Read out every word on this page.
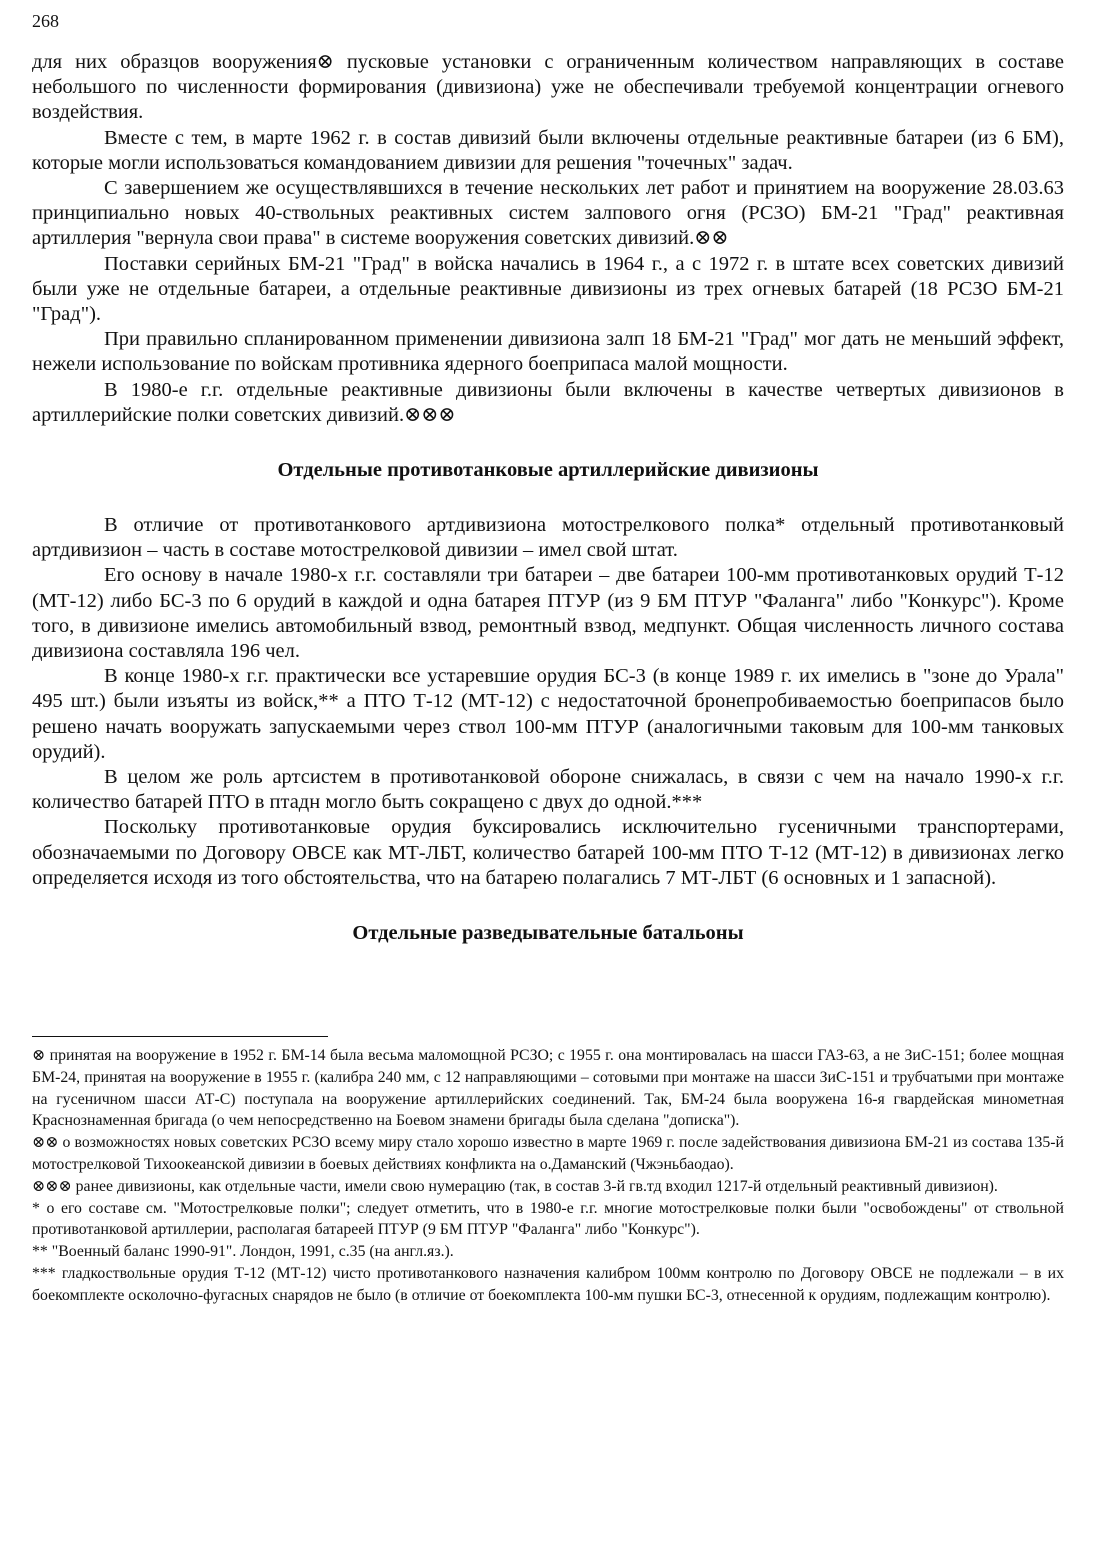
268

для них образцов вооружения⊗ пусковые установки с ограниченным количеством направляющих в составе небольшого по численности формирования (дивизиона) уже не обеспечивали требуемой концентрации огневого воздействия.

Вместе с тем, в марте 1962 г. в состав дивизий были включены отдельные реактивные батареи (из 6 БМ), которые могли использоваться командованием дивизии для решения "точечных" задач.

С завершением же осуществлявшихся в течение нескольких лет работ и принятием на вооружение 28.03.63 принципиально новых 40-ствольных реактивных систем залпового огня (РСЗО) БМ-21 "Град" реактивная артиллерия "вернула свои права" в системе вооружения советских дивизий.⊗⊗

Поставки серийных БМ-21 "Град" в войска начались в 1964 г., а с 1972 г. в штате всех советских дивизий были уже не отдельные батареи, а отдельные реактивные дивизионы из трех огневых батарей (18 РСЗО БМ-21 "Град").

При правильно спланированном применении дивизиона залп 18 БМ-21 "Град" мог дать не меньший эффект, нежели использование по войскам противника ядерного боеприпаса малой мощности.

В 1980-е г.г. отдельные реактивные дивизионы были включены в качестве четвертых дивизионов в артиллерийские полки советских дивизий.⊗⊗⊗

Отдельные противотанковые артиллерийские дивизионы

В отличие от противотанкового артдивизиона мотострелкового полка* отдельный противотанковый артдивизион – часть в составе мотострелковой дивизии – имел свой штат.

Его основу в начале 1980-х г.г. составляли три батареи – две батареи 100-мм противотанковых орудий Т-12 (МТ-12) либо БС-3 по 6 орудий в каждой и одна батарея ПТУР (из 9 БМ ПТУР "Фаланга" либо "Конкурс"). Кроме того, в дивизионе имелись автомобильный взвод, ремонтный взвод, медпункт. Общая численность личного состава дивизиона составляла 196 чел.

В конце 1980-х г.г. практически все устаревшие орудия БС-3 (в конце 1989 г. их имелись в "зоне до Урала" 495 шт.) были изъяты из войск,** а ПТО Т-12 (МТ-12) с недостаточной бронепробиваемостью боеприпасов было решено начать вооружать запускаемыми через ствол 100-мм ПТУР (аналогичными таковым для 100-мм танковых орудий).

В целом же роль артсистем в противотанковой обороне снижалась, в связи с чем на начало 1990-х г.г. количество батарей ПТО в птадн могло быть сокращено с двух до одной.***

Поскольку противотанковые орудия буксировались исключительно гусеничными транспортерами, обозначаемыми по Договору ОВСЕ как МТ-ЛБТ, количество батарей 100-мм ПТО Т-12 (МТ-12) в дивизионах легко определяется исходя из того обстоятельства, что на батарею полагались 7 МТ-ЛБТ (6 основных и 1 запасной).

Отдельные разведывательные батальоны

⊗ принятая на вооружение в 1952 г. БМ-14 была весьма маломощной РСЗО; с 1955 г. она монтировалась на шасси ГАЗ-63, а не ЗиС-151; более мощная БМ-24, принятая на вооружение в 1955 г. (калибра 240 мм, с 12 направляющими – сотовыми при монтаже на шасси ЗиС-151 и трубчатыми при монтаже на гусеничном шасси АТ-С) поступала на вооружение артиллерийских соединений. Так, БМ-24 была вооружена 16-я гвардейская минометная Краснознаменная бригада (о чем непосредственно на Боевом знамени бригады была сделана "дописка").

⊗⊗ о возможностях новых советских РСЗО всему миру стало хорошо известно в марте 1969 г. после задействования дивизиона БМ-21 из состава 135-й мотострелковой Тихоокеанской дивизии в боевых действиях конфликта на о.Даманский (Чжэньбаодао).

⊗⊗⊗ ранее дивизионы, как отдельные части, имели свою нумерацию (так, в состав 3-й гв.тд входил 1217-й отдельный реактивный дивизион).

* о его составе см. "Мотострелковые полки"; следует отметить, что в 1980-е г.г. многие мотострелковые полки были "освобождены" от ствольной противотанковой артиллерии, располагая батареей ПТУР (9 БМ ПТУР "Фаланга" либо "Конкурс").

** "Военный баланс 1990-91". Лондон, 1991, с.35 (на англ.яз.).

*** гладкоствольные орудия Т-12 (МТ-12) чисто противотанкового назначения калибром 100мм контролю по Договору ОВСЕ не подлежали – в их боекомплекте осколочно-фугасных снарядов не было (в отличие от боекомплекта 100-мм пушки БС-3, отнесенной к орудиям, подлежащим контролю).
